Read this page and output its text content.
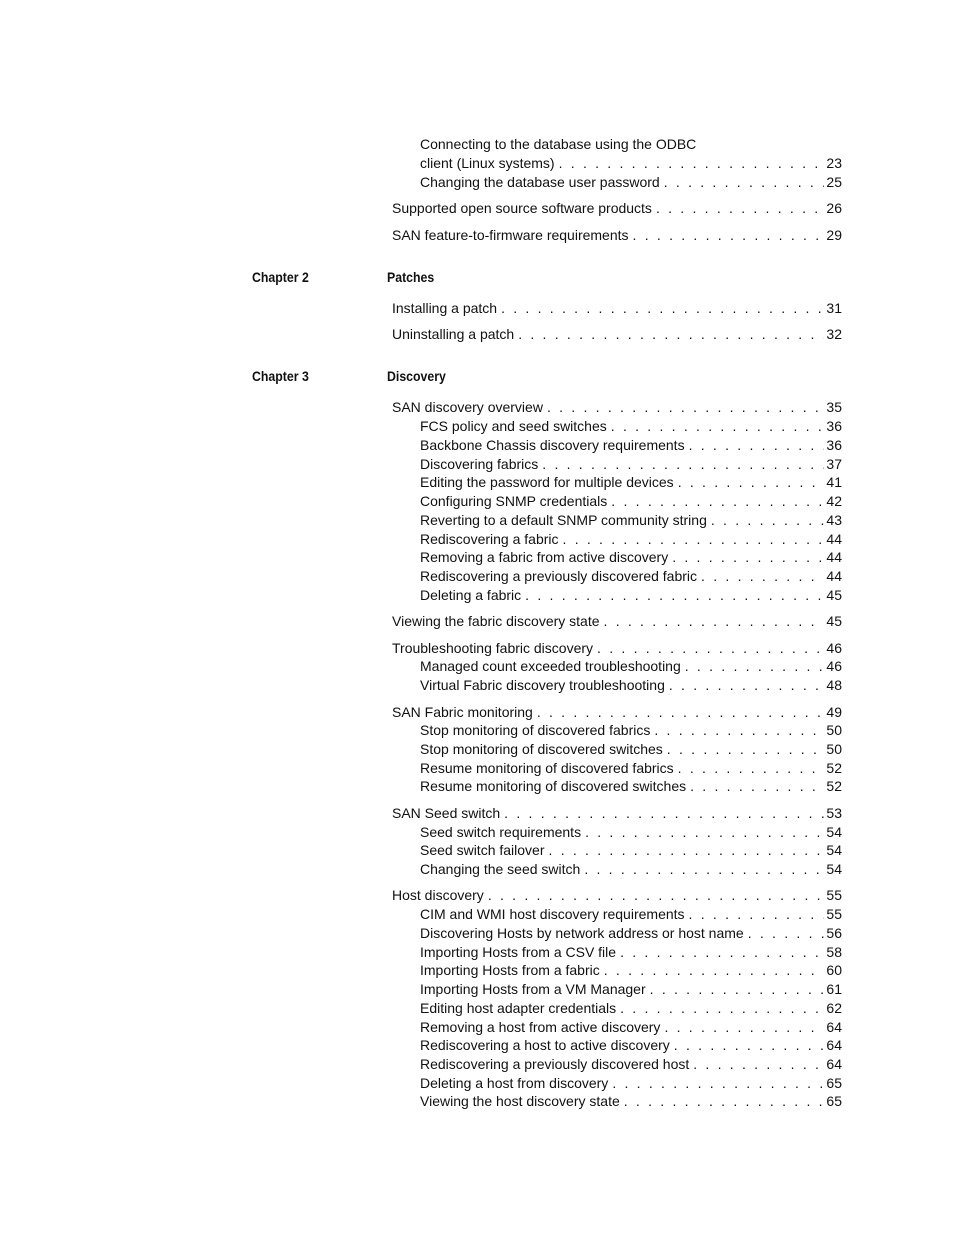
Connecting to the database using the ODBC
client (Linux systems) . . .	23
Changing the database user password . . .	25
Supported open source software products . . .	26
SAN feature-to-firmware requirements . . .	29
Chapter 2	Patches
Installing a patch . . .	31
Uninstalling a patch . . .	32
Chapter 3	Discovery
SAN discovery overview . . .	35
FCS policy and seed switches . . .	36
Backbone Chassis discovery requirements . . .	36
Discovering fabrics . . .	37
Editing the password for multiple devices . . .	41
Configuring SNMP credentials . . .	42
Reverting to a default SNMP community string . . .	43
Rediscovering a fabric . . .	44
Removing a fabric from active discovery . . .	44
Rediscovering a previously discovered fabric . . .	44
Deleting a fabric . . .	45
Viewing the fabric discovery state . . .	45
Troubleshooting fabric discovery . . .	46
Managed count exceeded troubleshooting . . .	46
Virtual Fabric discovery troubleshooting . . .	48
SAN Fabric monitoring . . .	49
Stop monitoring of discovered fabrics . . .	50
Stop monitoring of discovered switches . . .	50
Resume monitoring of discovered fabrics . . .	52
Resume monitoring of discovered switches . . .	52
SAN Seed switch . . .	53
Seed switch requirements . . .	54
Seed switch failover . . .	54
Changing the seed switch . . .	54
Host discovery . . .	55
CIM and WMI host discovery requirements . . .	55
Discovering Hosts by network address or host name . . .	56
Importing Hosts from a CSV file . . .	58
Importing Hosts from a fabric . . .	60
Importing Hosts from a VM Manager . . .	61
Editing host adapter credentials . . .	62
Removing a host from active discovery . . .	64
Rediscovering a host to active discovery . . .	64
Rediscovering a previously discovered host . . .	64
Deleting a host from discovery . . .	65
Viewing the host discovery state . . .	65
